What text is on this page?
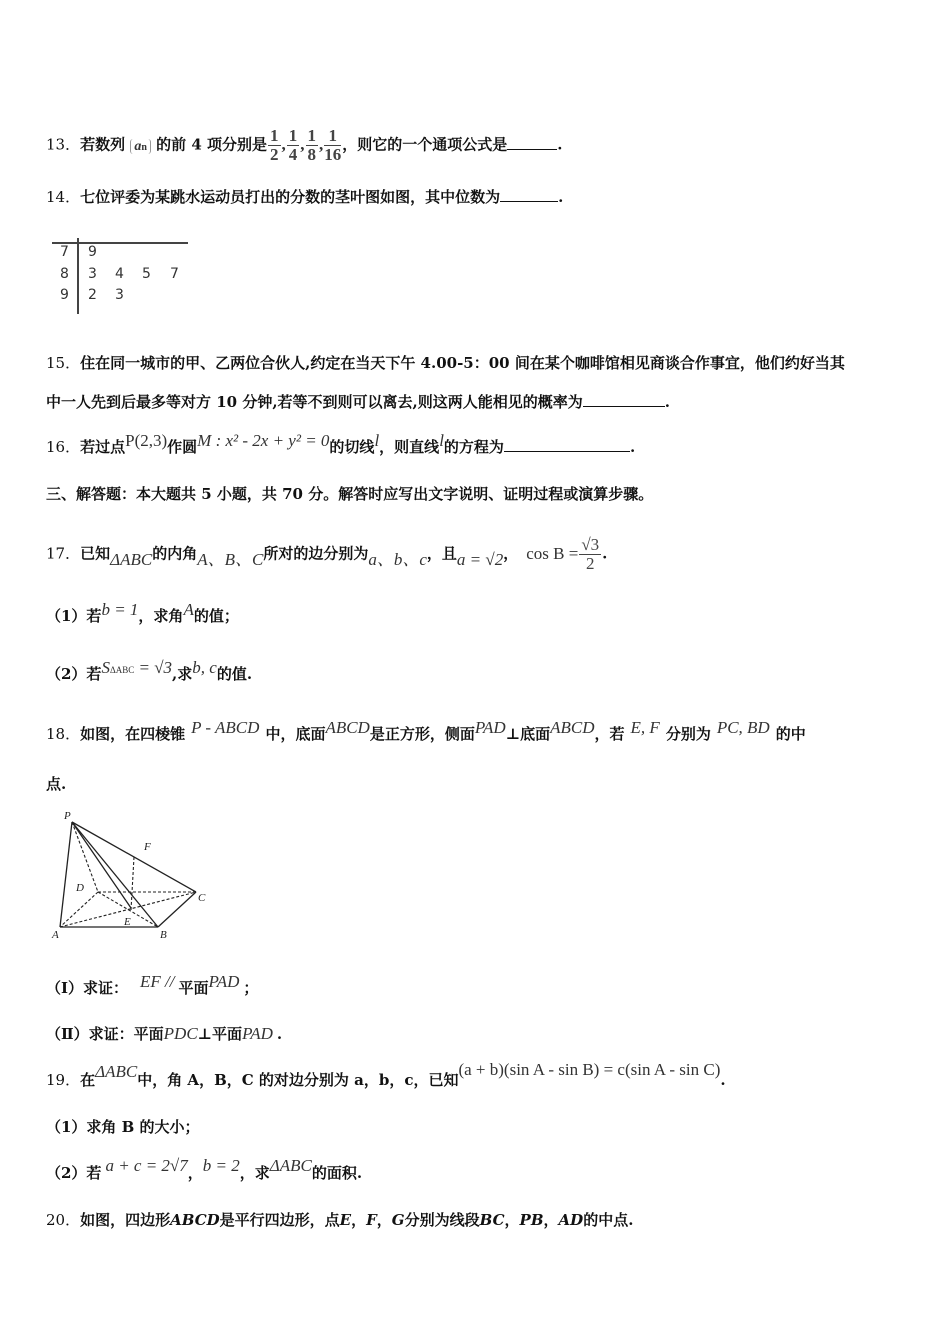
13．若数列 an 的前 4 项分别是 $\frac{1}{2}$ , $\frac{1}{4}$ , $\frac{1}{8}$ , $\frac{1}{16}$ ，则它的一个通项公式是	.
14．七位评委为某跳水运动员打出的分数的茎叶图如图，其中位数为	.
7 9
8 3 4 5 7
9 2 3
15．住在同一城市的甲、乙两位合伙人,约定在当天下午 4.00-5：00 间在某个咖啡馆相见商谈合作事宜，他们约好当其
中一人先到后最多等对方 10 分钟,若等不到则可以离去,则这两人能相见的概率为	.
16．若过点P(2,3)作圆M : x² - 2x + y² = 0的切线l，则直线l的方程为	.
三、解答题：本大题共 5 小题，共 70 分。解答时应写出文字说明、证明过程或演算步骤。
17．已知ΔABC的内角A、B、C所对的边分别为a、b、c，且a = √2， $\cos B = \frac{√3}{2}$ .
（1）若b = 1，求角A的值；
（2）若SΔABC = √3,求b, c的值.
18．如图，在四棱锥 P - ABCD 中，底面ABCD是正方形，侧面PAD⊥底面ABCD，若 E, F 分别为 PC, BD 的中
点.
P
F
D
C
E
A	B
（Ⅰ）求证： EF // 平面PAD ；
（Ⅱ）求证：平面PDC⊥平面PAD .
19．在ΔABC中，角 A，B，C 的对边分别为 a，b，c，已知(a + b)(sin A - sin B) = c(sin A - sin C).
（1）求角 B 的大小；
（2）若 a + c = 2√7，b = 2，求ΔABC的面积.
20．如图，四边形ABCD是平行四边形，点E，F，G分别为线段BC，PB，AD的中点.
